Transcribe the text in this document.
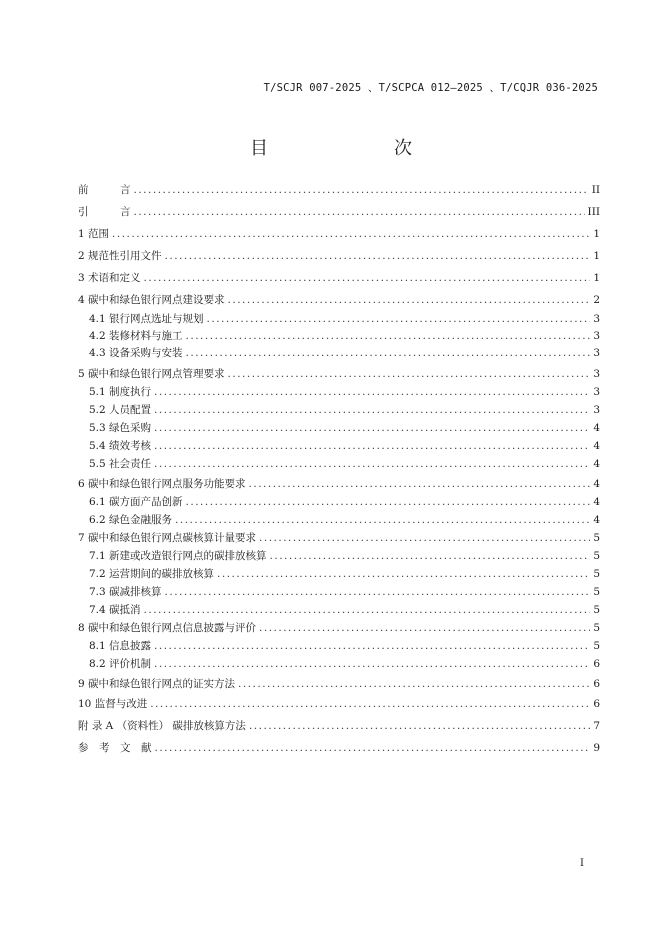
T/SCJR 007-2025 、T/SCPCA 012—2025 、T/CQJR 036-2025
目　　次
前　　　言 .....	II
引　　　言 .....	III
1 范围 .....	1
2 规范性引用文件 .....	1
3 术语和定义 .....	1
4 碳中和绿色银行网点建设要求 .....	2
4.1 银行网点选址与规划 .....	3
4.2 装修材料与施工 .....	3
4.3 设备采购与安装 .....	3
5 碳中和绿色银行网点管理要求 .....	3
5.1 制度执行 .....	3
5.2 人员配置 .....	3
5.3 绿色采购 .....	4
5.4 绩效考核 .....	4
5.5 社会责任 .....	4
6 碳中和绿色银行网点服务功能要求 .....	4
6.1 碳方面产品创新 .....	4
6.2 绿色金融服务 .....	4
7 碳中和绿色银行网点碳核算计量要求 .....	5
7.1 新建或改造银行网点的碳排放核算 .....	5
7.2 运营期间的碳排放核算 .....	5
7.3 碳减排核算 .....	5
7.4 碳抵消 .....	5
8 碳中和绿色银行网点信息披露与评价 .....	5
8.1 信息披露 .....	5
8.2 评价机制 .....	6
9 碳中和绿色银行网点的证实方法 .....	6
10 监督与改进 .....	6
附 录 A （资料性） 碳排放核算方法 .....	7
参　考　文　献 .....	9
I
